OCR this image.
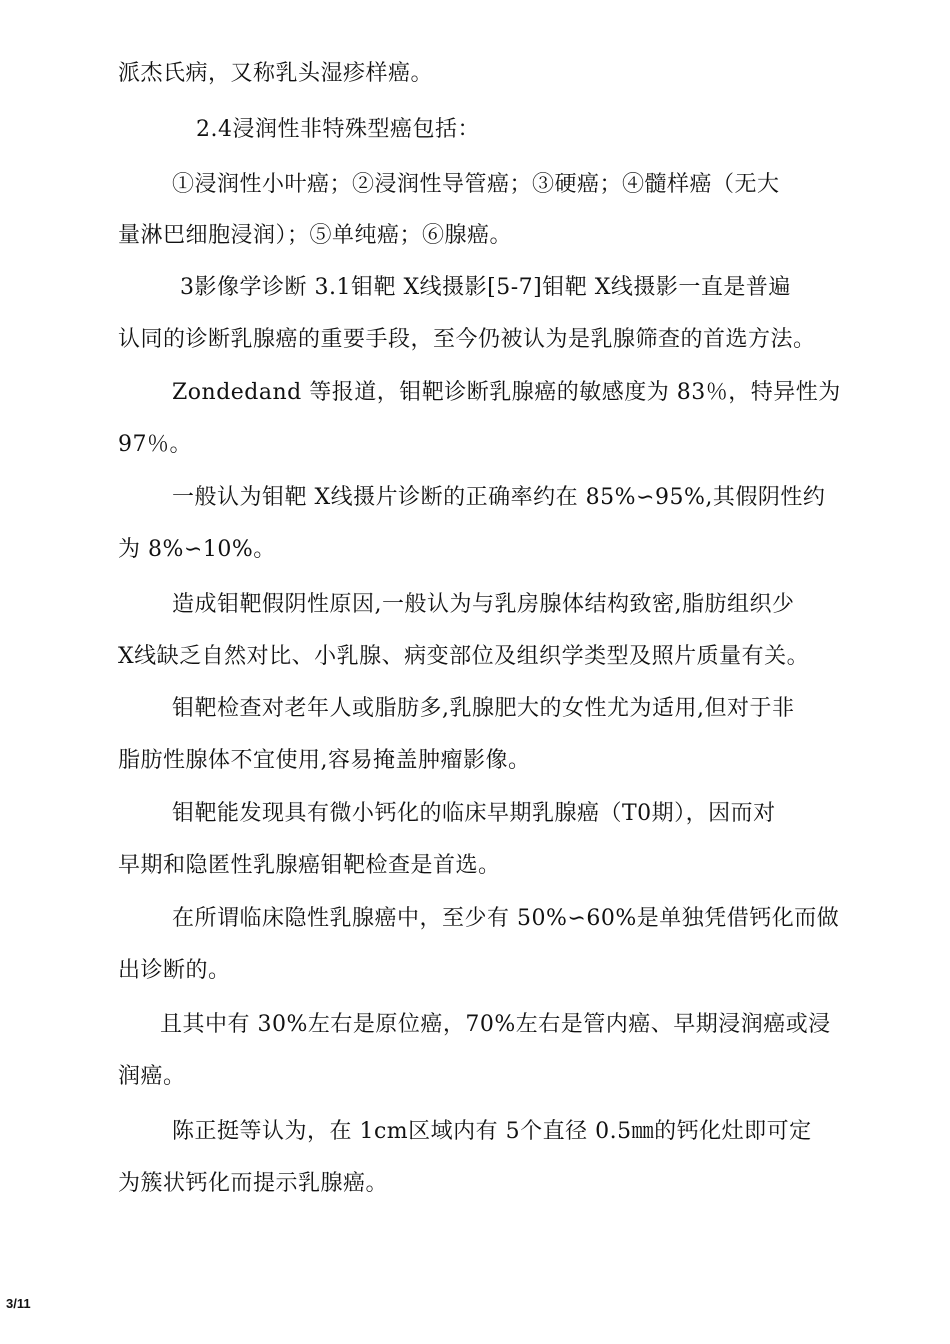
派杰氏病，又称乳头湿疹样癌。
2.4浸润性非特殊型癌包括：
①浸润性小叶癌；②浸润性导管癌；③硬癌；④髓样癌（无大
量淋巴细胞浸润）；⑤单纯癌；⑥腺癌。
3影像学诊断 3.1钼靶 X线摄影[5-7]钼靶 X线摄影一直是普遍
认同的诊断乳腺癌的重要手段，至今仍被认为是乳腺筛查的首选方法。
Zondedand 等报道，钼靶诊断乳腺癌的敏感度为 83％，特异性为
97％。
一般认为钼靶 X线摄片诊断的正确率约在 85%∽95%,其假阴性约
为 8%∽10%。
造成钼靶假阴性原因,一般认为与乳房腺体结构致密,脂肪组织少
X线缺乏自然对比、小乳腺、病变部位及组织学类型及照片质量有关。
钼靶检查对老年人或脂肪多,乳腺肥大的女性尤为适用,但对于非
脂肪性腺体不宜使用,容易掩盖肿瘤影像。
钼靶能发现具有微小钙化的临床早期乳腺癌（T0期），因而对
早期和隐匿性乳腺癌钼靶检查是首选。
在所谓临床隐性乳腺癌中，至少有 50%∽60%是单独凭借钙化而做
出诊断的。
且其中有 30%左右是原位癌，70%左右是管内癌、早期浸润癌或浸
润癌。
陈正挺等认为，在 1cm区域内有 5个直径 0.5㎜的钙化灶即可定
为簇状钙化而提示乳腺癌。
3/11
